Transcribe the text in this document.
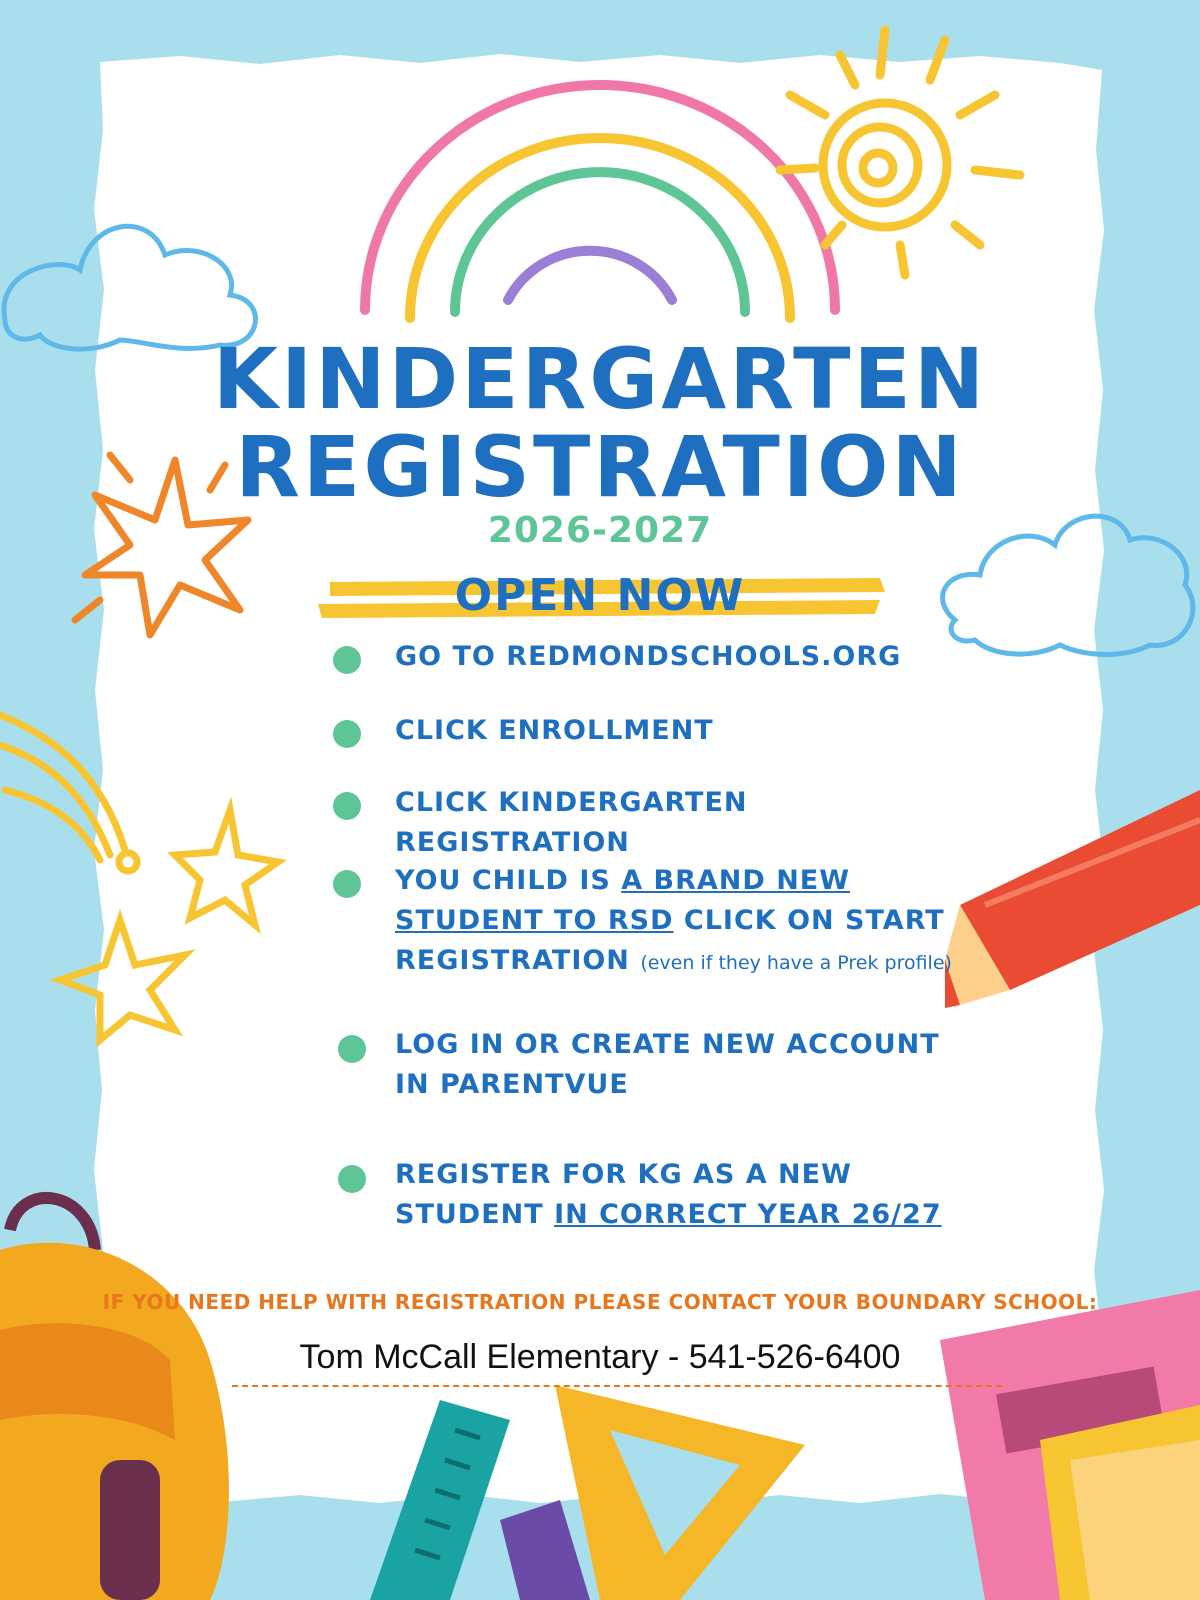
KINDERGARTEN
REGISTRATION
2026-2027
OPEN NOW
GO TO REDMONDSCHOOLS.ORG
CLICK ENROLLMENT
CLICK KINDERGARTEN REGISTRATION
YOU CHILD IS A BRAND NEW STUDENT TO RSD CLICK ON START REGISTRATION (even if they have a Prek profile)
LOG IN OR CREATE NEW ACCOUNT IN PARENTVUE
REGISTER FOR KG AS A NEW STUDENT IN CORRECT YEAR 26/27
IF YOU NEED HELP WITH REGISTRATION PLEASE CONTACT YOUR BOUNDARY SCHOOL:
Tom McCall Elementary - 541-526-6400
